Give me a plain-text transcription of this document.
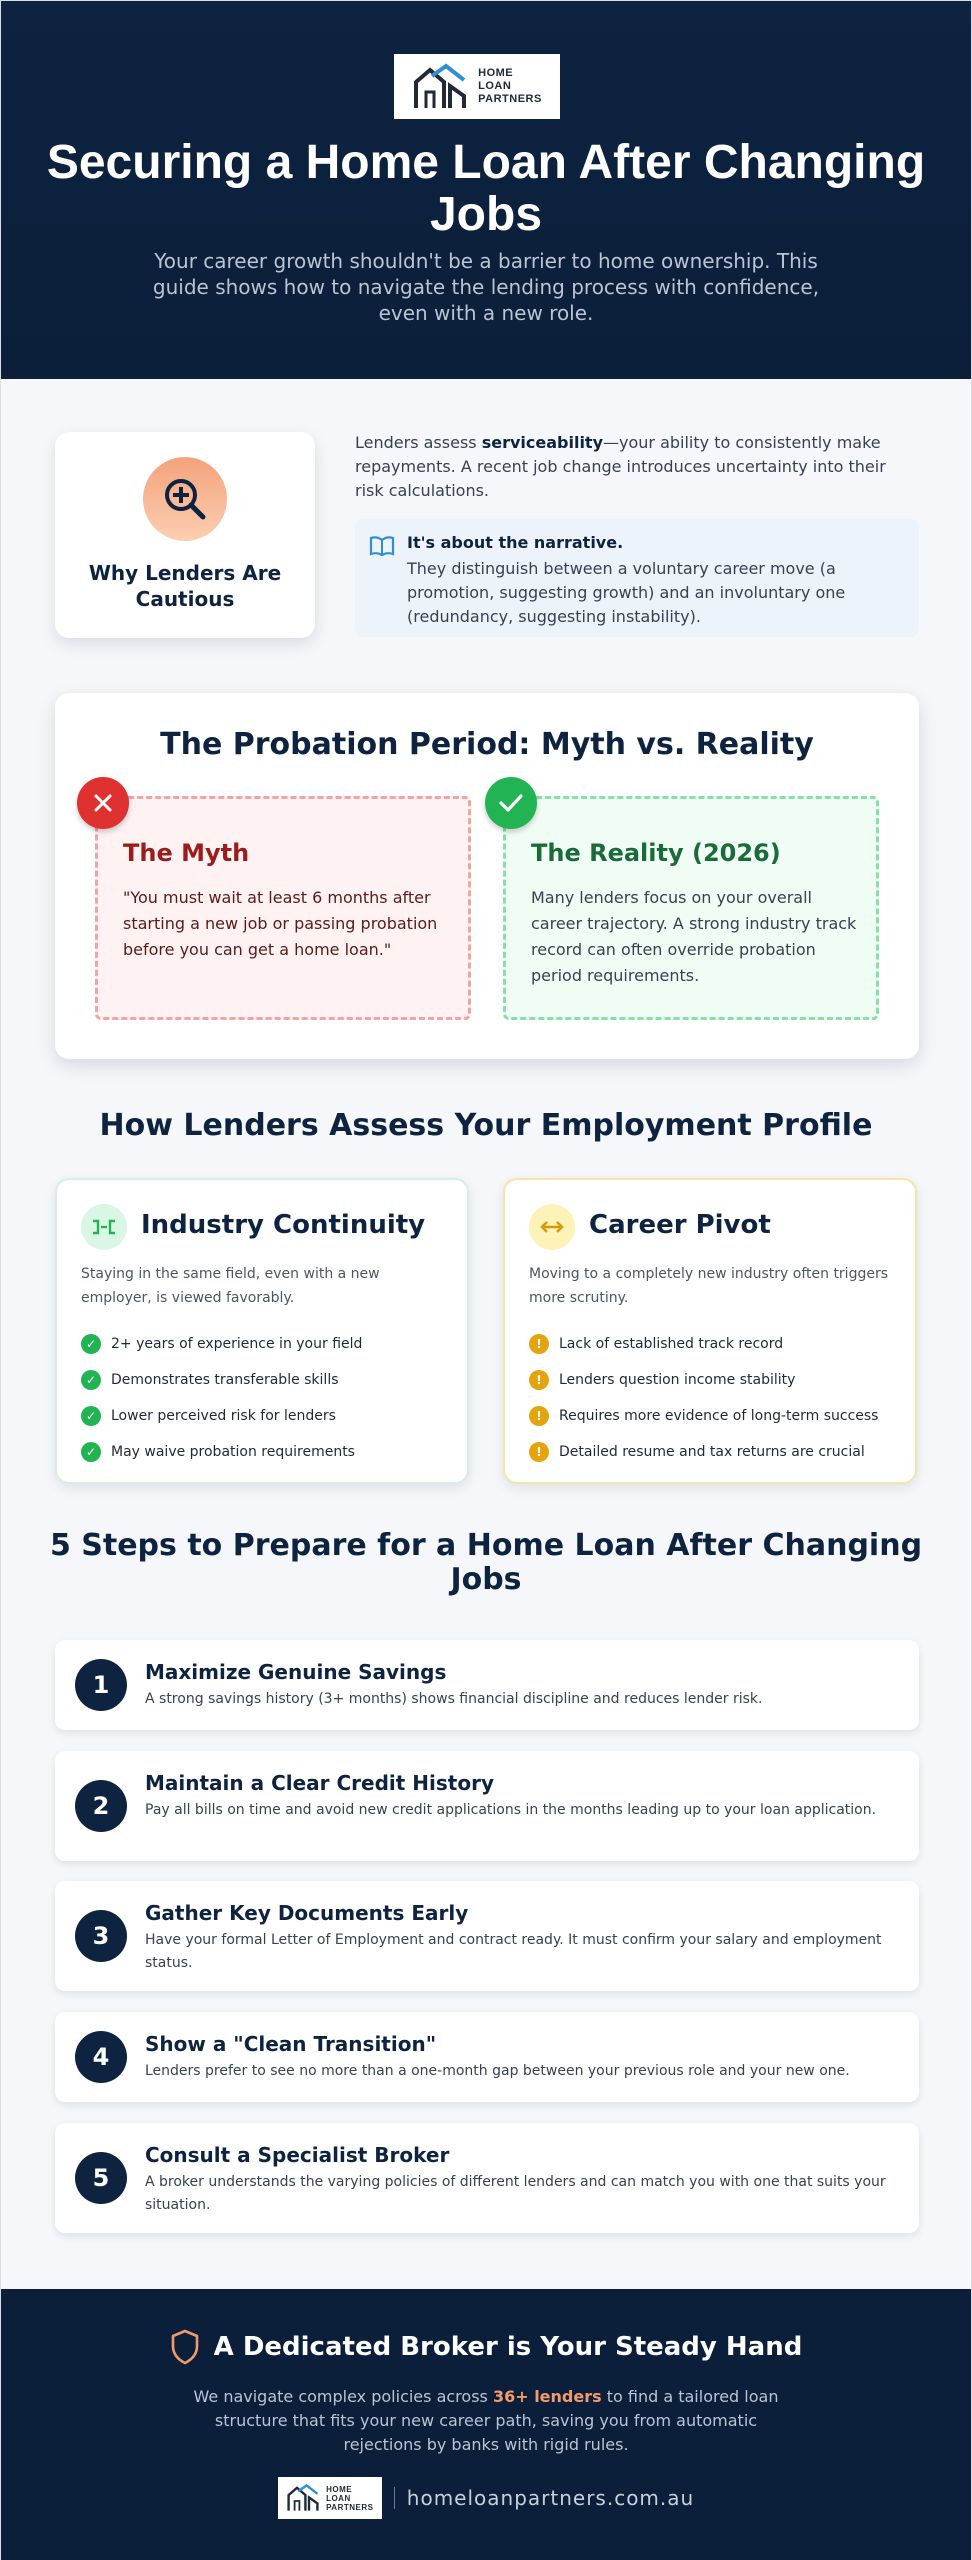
HOME
LOAN
PARTNERS
Securing a Home Loan After Changing Jobs

Your career growth shouldn't be a barrier to home ownership. This guide shows how to navigate the lending process with confidence, even with a new role.

Why Lenders Are Cautious

Lenders assess serviceability—your ability to consistently make repayments. A recent job change introduces uncertainty into their risk calculations.

It's about the narrative.

They distinguish between a voluntary career move (a promotion, suggesting growth) and an involuntary one (redundancy, suggesting instability).

The Probation Period: Myth vs. Reality
The Myth

"You must wait at least 6 months after starting a new job or passing probation before you can get a home loan."

The Reality (2026)

Many lenders focus on your overall career trajectory. A strong industry track record can often override probation period requirements.

How Lenders Assess Your Employment Profile
Industry Continuity

Staying in the same field, even with a new employer, is viewed favorably.

✓	2+ years of experience in your field
✓	Demonstrates transferable skills
✓	Lower perceived risk for lenders
✓	May waive probation requirements
Career Pivot

Moving to a completely new industry often triggers more scrutiny.

!	Lack of established track record
!	Lenders question income stability
!	Requires more evidence of long-term success
!	Detailed resume and tax returns are crucial
5 Steps to Prepare for a Home Loan After Changing Jobs
1	Maximize Genuine Savings

A strong savings history (3+ months) shows financial discipline and reduces lender risk.

2
Maintain a Clear Credit History

Pay all bills on time and avoid new credit applications in the months leading up to your loan application.

3
Gather Key Documents Early

Have your formal Letter of Employment and contract ready. It must confirm your salary and employment status.

4	Show a "Clean Transition"

Lenders prefer to see no more than a one-month gap between your previous role and your new one.

5
Consult a Specialist Broker

A broker understands the varying policies of different lenders and can match you with one that suits your situation.

A Dedicated Broker is Your Steady Hand

We navigate complex policies across 36+ lenders to find a tailored loan structure that fits your new career path, saving you from automatic rejections by banks with rigid rules.

HOME
LOAN
PARTNERS homeloanpartners.com.au
